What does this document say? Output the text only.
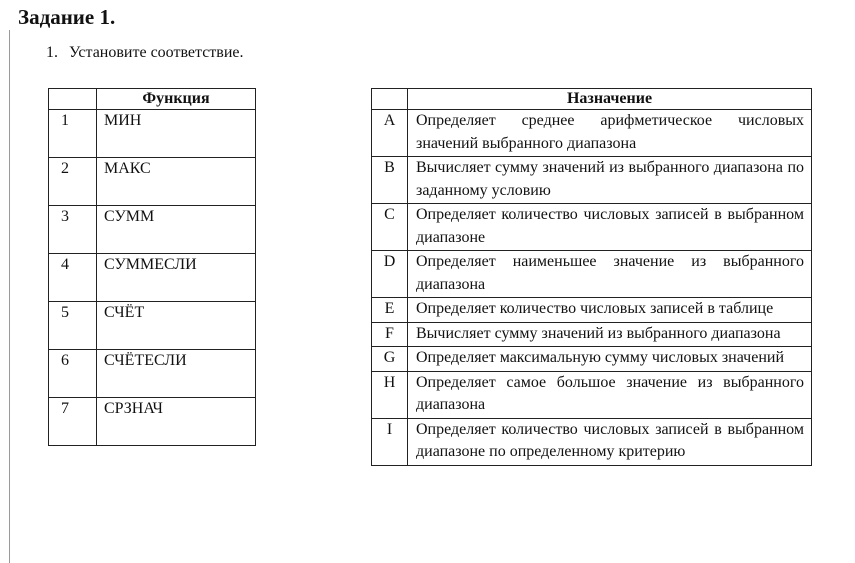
Задание 1.
1. Установите соответствие.
	Функция
1	МИН
2	МАКС
3	СУММ
4	СУММЕСЛИ
5	СЧЁТ
6	СЧЁТЕСЛИ
7	СРЗНАЧ
	Назначение
A	Определяет среднее арифметическое числовых значений выбранного диапазона
B	Вычисляет сумму значений из выбранного диапазона по заданному условию
C	Определяет количество числовых записей в выбранном диапазоне
D	Определяет наименьшее значение из выбранного диапазона
E	Определяет количество числовых записей в таблице
F	Вычисляет сумму значений из выбранного диапазона
G	Определяет максимальную сумму числовых значений
H	Определяет самое большое значение из выбранного диапазона
I	Определяет количество числовых записей в выбранном диапазоне по определенному критерию
